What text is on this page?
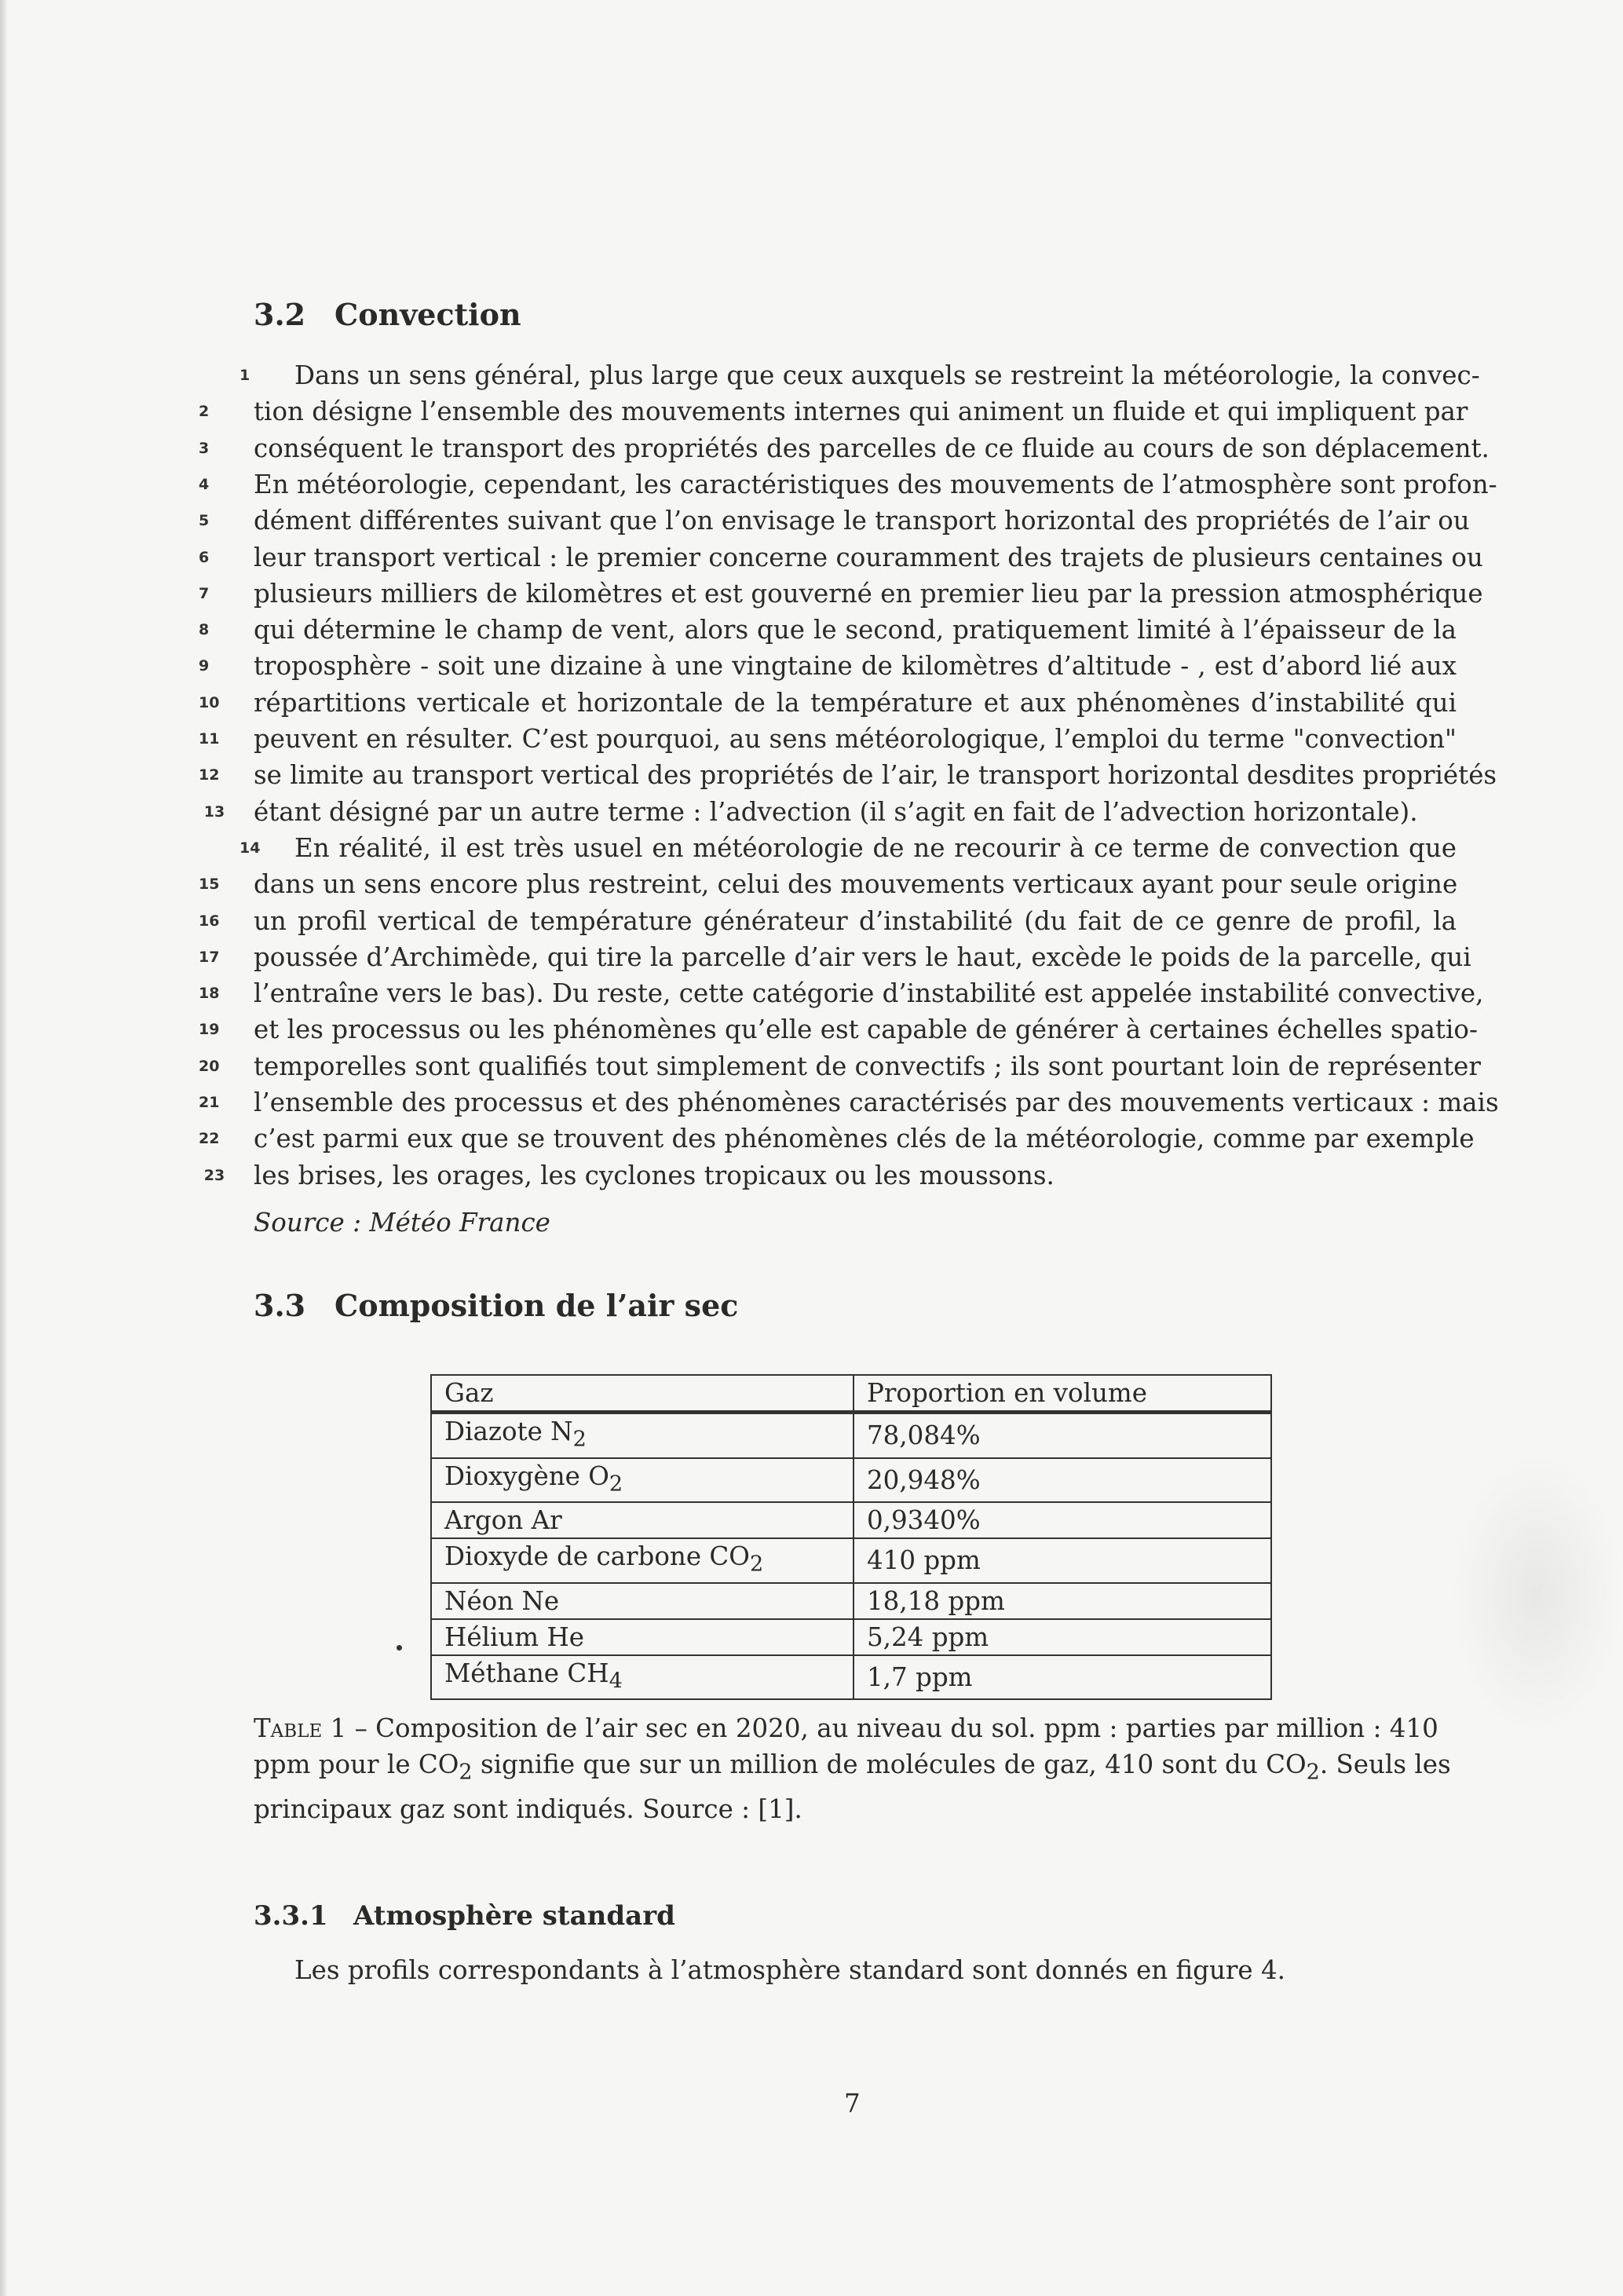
3.2 Convection
1 Dans un sens général, plus large que ceux auxquels se restreint la météorologie, la convec-
2	tion désigne l’ensemble des mouvements internes qui animent un fluide et qui impliquent par
3	conséquent le transport des propriétés des parcelles de ce fluide au cours de son déplacement.
4	En météorologie, cependant, les caractéristiques des mouvements de l’atmosphère sont profon-
5	dément différentes suivant que l’on envisage le transport horizontal des propriétés de l’air ou
6	leur transport vertical : le premier concerne couramment des trajets de plusieurs centaines ou
7	plusieurs milliers de kilomètres et est gouverné en premier lieu par la pression atmosphérique
8	qui détermine le champ de vent, alors que le second, pratiquement limité à l’épaisseur de la
9	troposphère - soit une dizaine à une vingtaine de kilomètres d’altitude - , est d’abord lié aux
10	répartitions verticale et horizontale de la température et aux phénomènes d’instabilité qui
11	peuvent en résulter. C’est pourquoi, au sens météorologique, l’emploi du terme "convection"
12	se limite au transport vertical des propriétés de l’air, le transport horizontal desdites propriétés
13 étant désigné par un autre terme : l’advection (il s’agit en fait de l’advection horizontale).
14 En réalité, il est très usuel en météorologie de ne recourir à ce terme de convection que
15	dans un sens encore plus restreint, celui des mouvements verticaux ayant pour seule origine
16	un profil vertical de température générateur d’instabilité (du fait de ce genre de profil, la
17	poussée d’Archimède, qui tire la parcelle d’air vers le haut, excède le poids de la parcelle, qui
18	l’entraîne vers le bas). Du reste, cette catégorie d’instabilité est appelée instabilité convective,
19	et les processus ou les phénomènes qu’elle est capable de générer à certaines échelles spatio-
20	temporelles sont qualifiés tout simplement de convectifs ; ils sont pourtant loin de représenter
21	l’ensemble des processus et des phénomènes caractérisés par des mouvements verticaux : mais
22	c’est parmi eux que se trouvent des phénomènes clés de la météorologie, comme par exemple
23 les brises, les orages, les cyclones tropicaux ou les moussons.
Source : Météo France
3.3 Composition de l’air sec
Gaz	Proportion en volume
Diazote $N_2$	78,084%
Dioxygène $O_2$	20,948%
Argon Ar	0,9340%
Dioxyde de carbone $CO_2$	410 ppm
Néon Ne	18,18 ppm
Hélium He	5,24 ppm
Méthane $CH_4$	1,7 ppm
Table 1 – Composition de l’air sec en 2020, au niveau du sol. ppm : parties par million : 410 ppm pour le $CO_2$ signifie que sur un million de molécules de gaz, 410 sont du $CO_2$. Seuls les principaux gaz sont indiqués. Source : [1].
3.3.1 Atmosphère standard
Les profils correspondants à l’atmosphère standard sont donnés en figure 4.
7
